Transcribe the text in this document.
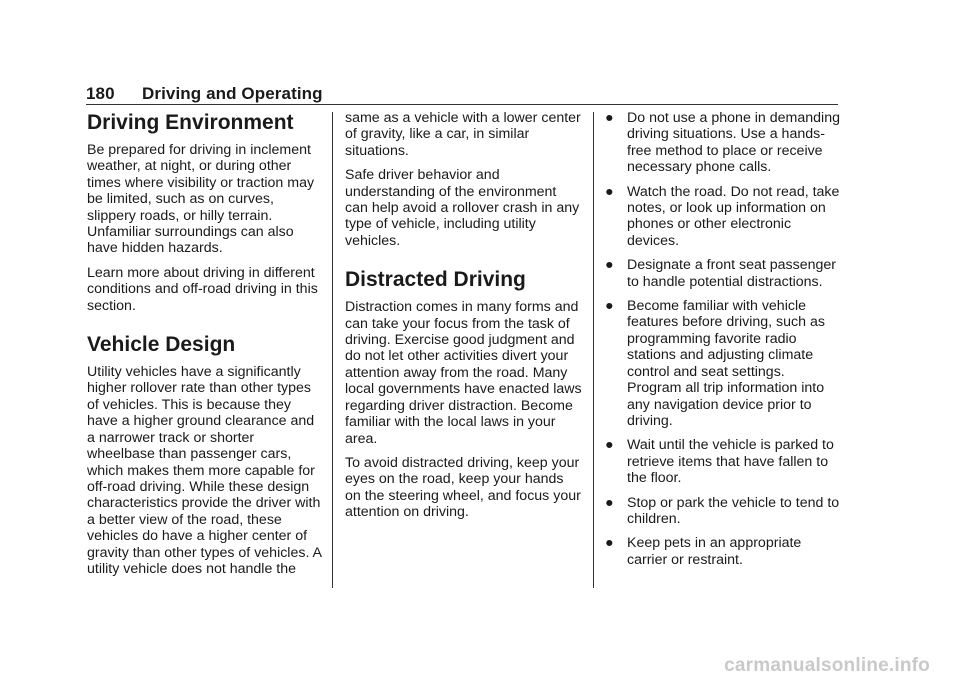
180 Driving and Operating
Driving Environment

Be prepared for driving in inclement weather, at night, or during other times where visibility or traction may be limited, such as on curves, slippery roads, or hilly terrain. Unfamiliar surroundings can also have hidden hazards.

Learn more about driving in different conditions and off-road driving in this section.

Vehicle Design

Utility vehicles have a significantly higher rollover rate than other types of vehicles. This is because they have a higher ground clearance and a narrower track or shorter wheelbase than passenger cars, which makes them more capable for off-road driving. While these design characteristics provide the driver with a better view of the road, these vehicles do have a higher center of gravity than other types of vehicles. A utility vehicle does not handle the

same as a vehicle with a lower center of gravity, like a car, in similar situations.

Safe driver behavior and understanding of the environment can help avoid a rollover crash in any type of vehicle, including utility vehicles.

Distracted Driving

Distraction comes in many forms and can take your focus from the task of driving. Exercise good judgment and do not let other activities divert your attention away from the road. Many local governments have enacted laws regarding driver distraction. Become familiar with the local laws in your area.

To avoid distracted driving, keep your eyes on the road, keep your hands on the steering wheel, and focus your attention on driving.

● Do not use a phone in demanding driving situations. Use a hands-free method to place or receive necessary phone calls.
● Watch the road. Do not read, take notes, or look up information on phones or other electronic devices.
● Designate a front seat passenger to handle potential distractions.
● Become familiar with vehicle features before driving, such as programming favorite radio stations and adjusting climate control and seat settings. Program all trip information into any navigation device prior to driving.
● Wait until the vehicle is parked to retrieve items that have fallen to the floor.
● Stop or park the vehicle to tend to children.
● Keep pets in an appropriate carrier or restraint.
carmanualsonline.info
